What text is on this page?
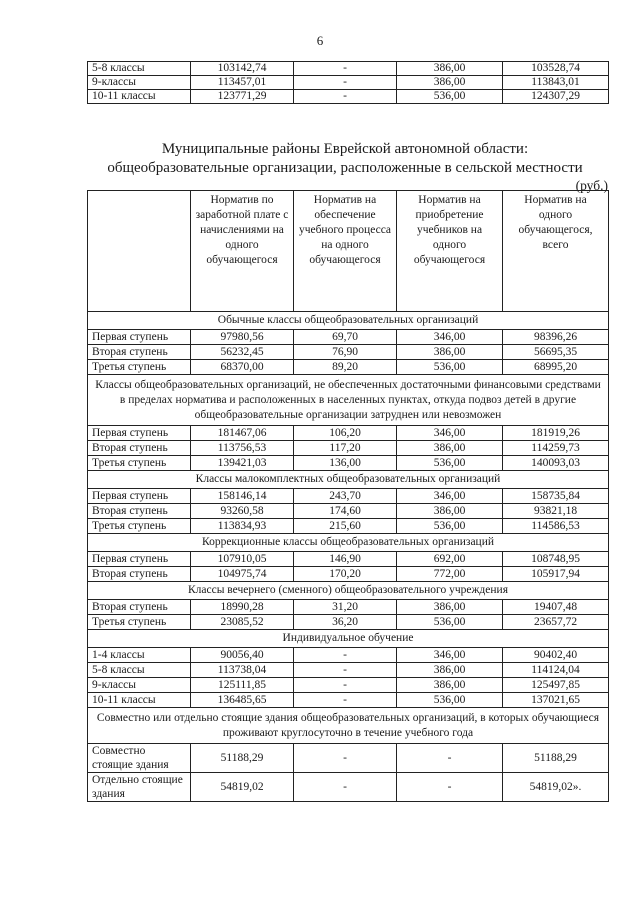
6
5-8 классы	103142,74	-	386,00	103528,74
9-классы	113457,01	-	386,00	113843,01
10-11 классы	123771,29	-	536,00	124307,29
Муниципальные районы Еврейской автономной области:
общеобразовательные организации, расположенные в сельской местности
(руб.)
	Норматив по заработной плате с начислениями на одного обучающегося	Норматив на обеспечение учебного процесса на одного обучающегося	Норматив на приобретение учебников на одного обучающегося	Норматив на одного обучающегося, всего
Обычные классы общеобразовательных организаций				
Первая ступень	97980,56	69,70	346,00	98396,26
Вторая ступень	56232,45	76,90	386,00	56695,35
Третья ступень	68370,00	89,20	536,00	68995,20
Классы общеобразовательных организаций, не обеспеченных достаточными финансовыми средствами в пределах норматива и расположенных в населенных пунктах, откуда подвоз детей в другие общеобразовательные организации затруднен или невозможен				
Первая ступень	181467,06	106,20	346,00	181919,26
Вторая ступень	113756,53	117,20	386,00	114259,73
Третья ступень	139421,03	136,00	536,00	140093,03
Классы малокомплектных общеобразовательных организаций				
Первая ступень	158146,14	243,70	346,00	158735,84
Вторая ступень	93260,58	174,60	386,00	93821,18
Третья ступень	113834,93	215,60	536,00	114586,53
Коррекционные классы общеобразовательных организаций				
Первая ступень	107910,05	146,90	692,00	108748,95
Вторая ступень	104975,74	170,20	772,00	105917,94
Классы вечернего (сменного) общеобразовательного учреждения				
Вторая ступень	18990,28	31,20	386,00	19407,48
Третья ступень	23085,52	36,20	536,00	23657,72
Индивидуальное обучение				
1-4 классы	90056,40	-	346,00	90402,40
5-8 классы	113738,04	-	386,00	114124,04
9-классы	125111,85	-	386,00	125497,85
10-11 классы	136485,65	-	536,00	137021,65
Совместно или отдельно стоящие здания общеобразовательных организаций, в которых обучающиеся проживают круглосуточно в течение учебного года				
Совместно стоящие здания	51188,29	-	-	51188,29
Отдельно стоящие здания	54819,02	-	-	54819,02».
